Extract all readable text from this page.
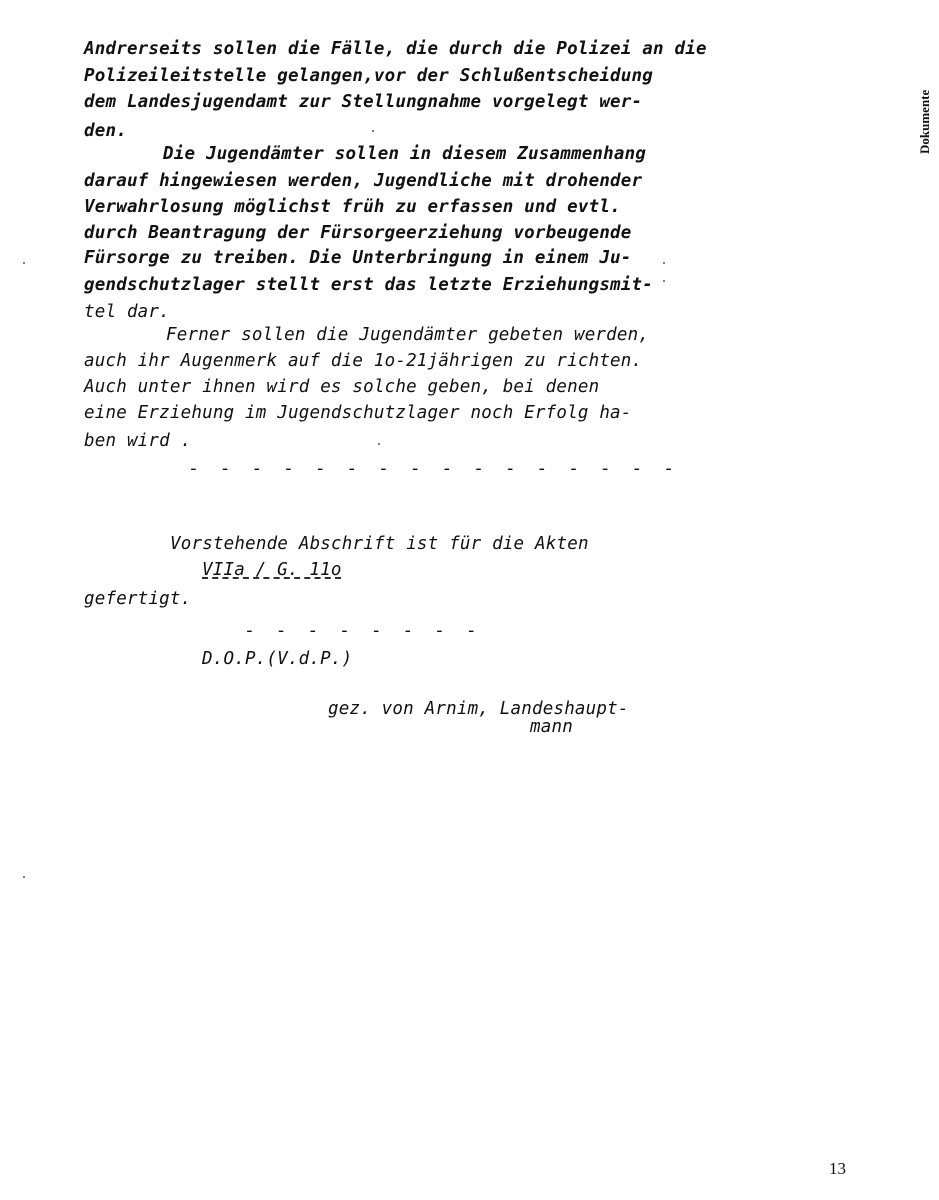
Dokumente
Andrerseits sollen die Fälle, die durch die Polizei an die
Polizeileitstelle gelangen,vor der Schlußentscheidung
dem Landesjugendamt zur Stellungnahme vorgelegt wer-
den.
Die Jugendämter sollen in diesem Zusammenhang
darauf hingewiesen werden, Jugendliche mit drohender
Verwahrlosung möglichst früh zu erfassen und evtl.
durch Beantragung der Fürsorgeerziehung vorbeugende
Fürsorge zu treiben. Die Unterbringung in einem Ju-
gendschutzlager stellt erst das letzte Erziehungsmit-
tel dar.
Ferner sollen die Jugendämter gebeten werden,
auch ihr Augenmerk auf die 1o-21jährigen zu richten.
Auch unter ihnen wird es solche geben, bei denen
eine Erziehung im Jugendschutzlager noch Erfolg ha-
ben wird .
- - - - - - - - - - - - - - - -
Vorstehende Abschrift ist für die Akten
VIIa / G. 11o
gefertigt.
- - - - - - - -
D.O.P.(V.d.P.)
gez. von Arnim, Landeshaupt-
mann
13
